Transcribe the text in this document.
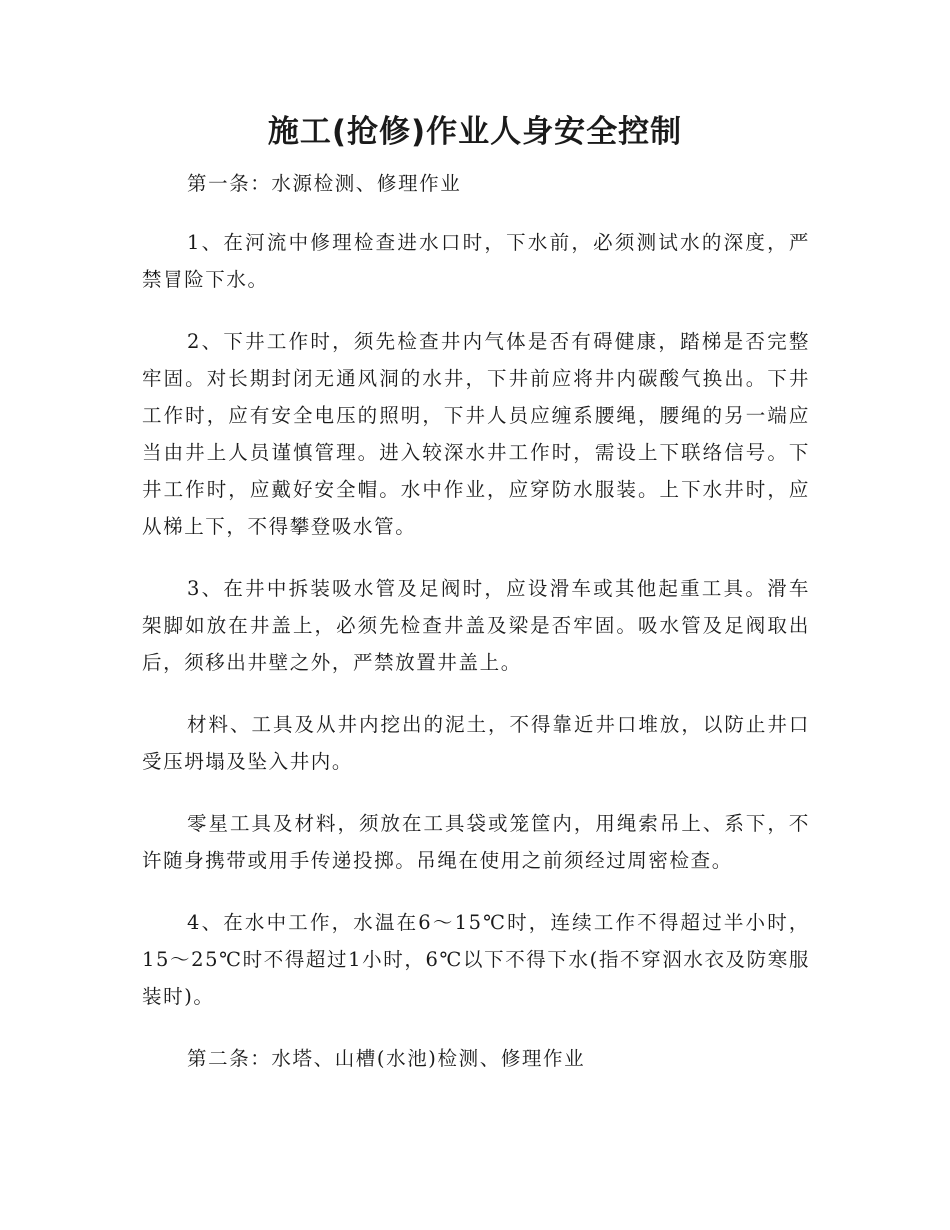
施工(抢修)作业人身安全控制

第一条：水源检测、修理作业

1、在河流中修理检查进水口时，下水前，必须测试水的深度，严禁冒险下水。

2、下井工作时，须先检查井内气体是否有碍健康，踏梯是否完整牢固。对长期封闭无通风洞的水井，下井前应将井内碳酸气换出。下井工作时，应有安全电压的照明，下井人员应缠系腰绳，腰绳的另一端应当由井上人员谨慎管理。进入较深水井工作时，需设上下联络信号。下井工作时，应戴好安全帽。水中作业，应穿防水服装。上下水井时，应从梯上下，不得攀登吸水管。

3、在井中拆装吸水管及足阀时，应设滑车或其他起重工具。滑车架脚如放在井盖上，必须先检查井盖及梁是否牢固。吸水管及足阀取出后，须移出井壁之外，严禁放置井盖上。

材料、工具及从井内挖出的泥土，不得靠近井口堆放，以防止井口受压坍塌及坠入井内。

零星工具及材料，须放在工具袋或笼筐内，用绳索吊上、系下，不许随身携带或用手传递投掷。吊绳在使用之前须经过周密检查。

4、在水中工作，水温在6～15℃时，连续工作不得超过半小时，15～25℃时不得超过1小时，6℃以下不得下水(指不穿泅水衣及防寒服装时)。

第二条：水塔、山槽(水池)检测、修理作业
